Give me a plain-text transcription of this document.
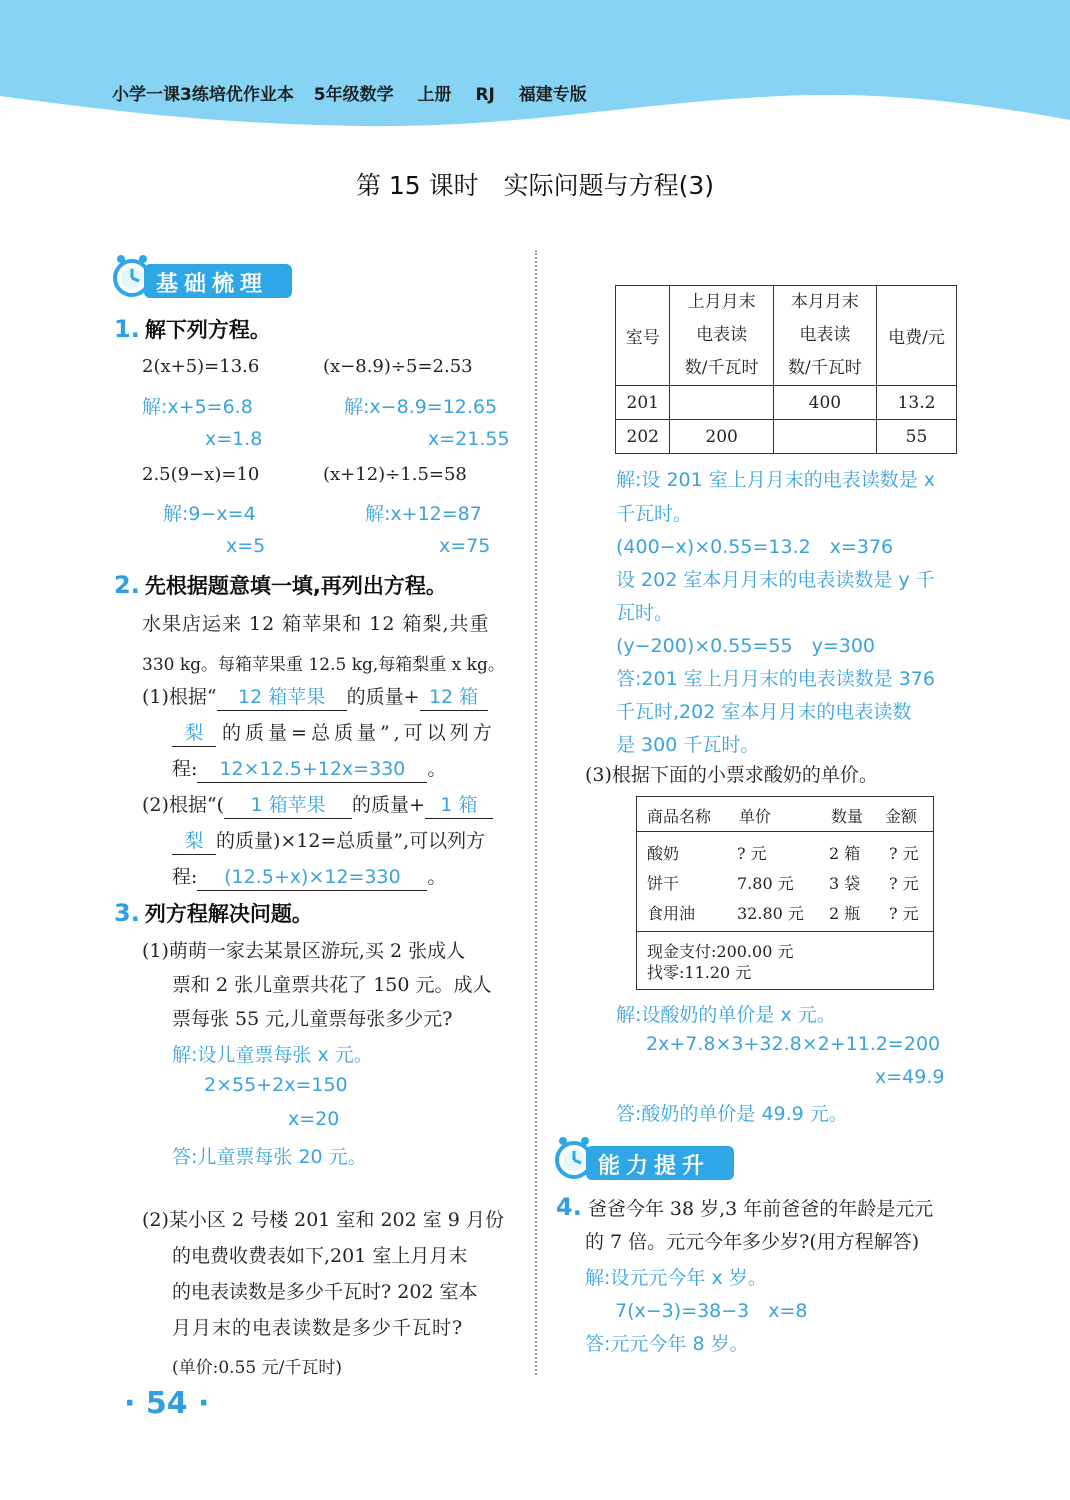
小学一课3练培优作业本 5年级数学 上册 RJ 福建专版
第 15 课时　实际问题与方程(3)
基础梳理
1. 解下列方程。
2(x+5)=13.6	(x−8.9)÷5=2.53
解:x+5=6.8	解:x−8.9=12.65
x=1.8	x=21.55
2.5(9−x)=10	(x+12)÷1.5=58
解:9−x=4	解:x+12=87
x=5	x=75
2. 先根据题意填一填,再列出方程。
水果店运来 12 箱苹果和 12 箱梨,共重
330 kg。每箱苹果重 12.5 kg,每箱梨重 x kg。
(1)根据“ 12 箱苹果 的质量+ 12 箱
梨 的质量=总质量”,可以列方
程: 12×12.5+12x=330 。
(2)根据“( 1 箱苹果 的质量+ 1 箱
梨 的质量)×12=总质量”,可以列方
程: (12.5+x)×12=330 。
3. 列方程解决问题。
(1)萌萌一家去某景区游玩,买 2 张成人
票和 2 张儿童票共花了 150 元。成人
票每张 55 元,儿童票每张多少元?
解:设儿童票每张 x 元。
2×55+2x=150
x=20
答:儿童票每张 20 元。
(2)某小区 2 号楼 201 室和 202 室 9 月份
的电费收费表如下,201 室上月月末
的电表读数是多少千瓦时? 202 室本
月月末的电表读数是多少千瓦时?
(单价:0.55 元/千瓦时)
· 54 ·
室号	上月月末
电表读
数/千瓦时	本月月末
电表读
数/千瓦时	电费/元
201		400	13.2
202	200		55
解:设 201 室上月月末的电表读数是 x
千瓦时。
(400−x)×0.55=13.2　x=376
设 202 室本月月末的电表读数是 y 千
瓦时。
(y−200)×0.55=55　y=300
答:201 室上月月末的电表读数是 376
千瓦时,202 室本月月末的电表读数
是 300 千瓦时。
(3)根据下面的小票求酸奶的单价。
商品名称 单价	数量 金额
酸奶	? 元	2 箱 ? 元
饼干	7.80 元 3 袋 ? 元
食用油	32.80 元 2 瓶 ? 元
现金支付:200.00 元
找零:11.20 元
解:设酸奶的单价是 x 元。
2x+7.8×3+32.8×2+11.2=200
x=49.9
答:酸奶的单价是 49.9 元。
能力提升
4. 爸爸今年 38 岁,3 年前爸爸的年龄是元元
的 7 倍。元元今年多少岁?(用方程解答)
解:设元元今年 x 岁。
7(x−3)=38−3　x=8
答:元元今年 8 岁。
